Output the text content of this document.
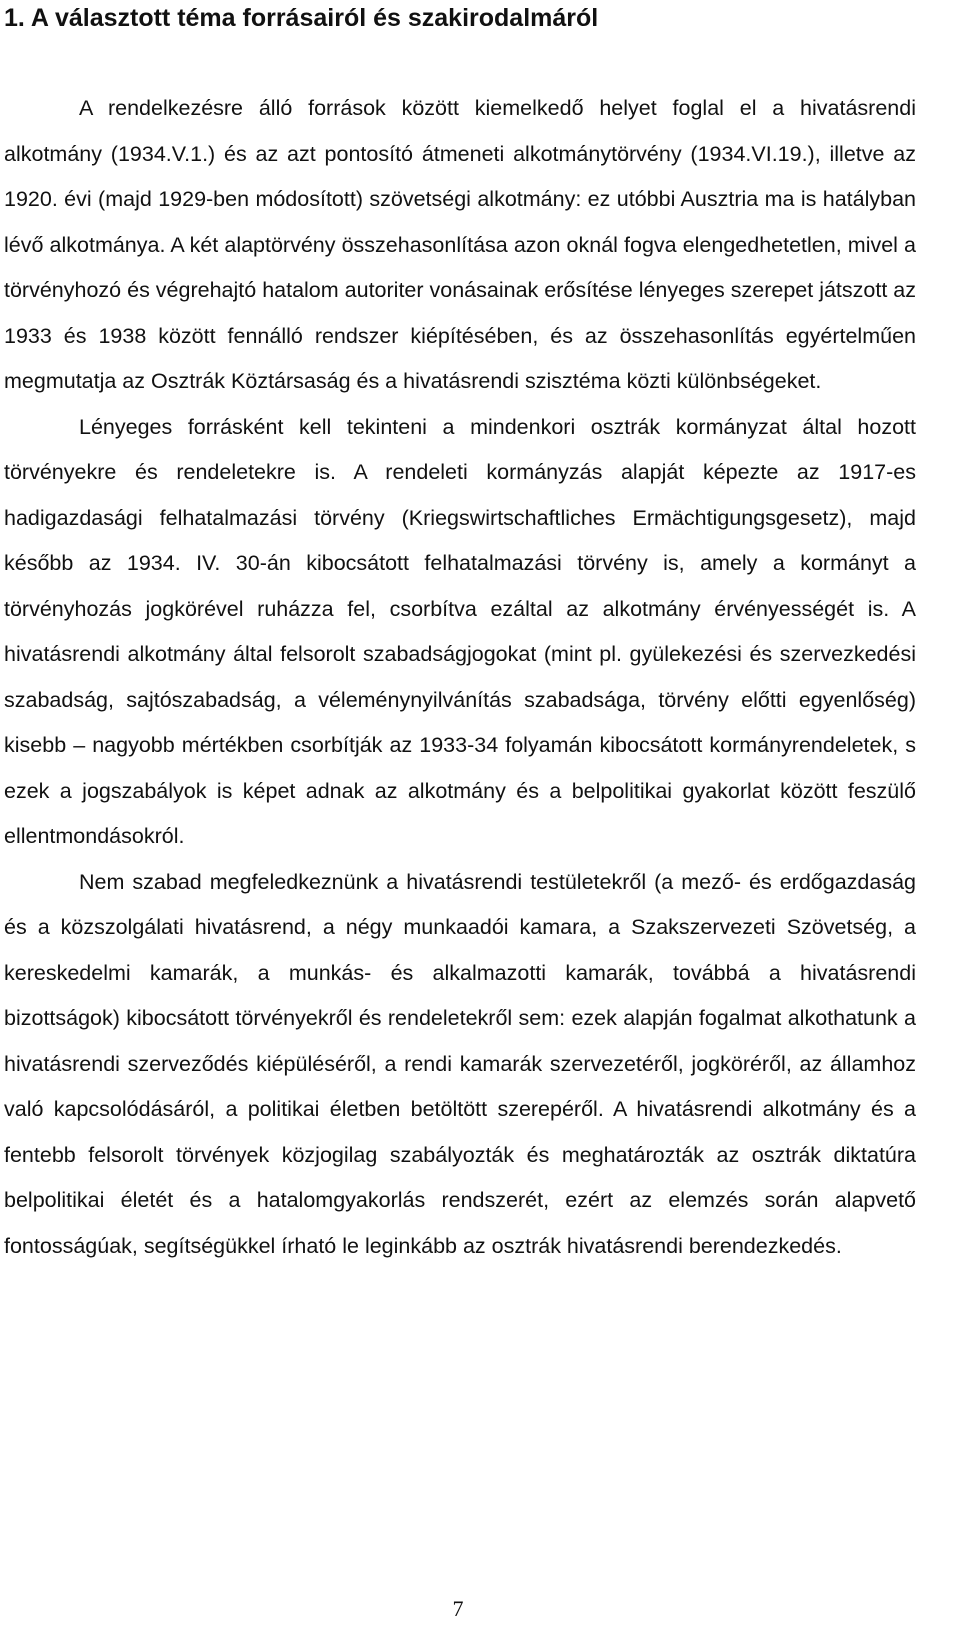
1. A választott téma forrásairól és szakirodalmáról

A rendelkezésre álló források között kiemelkedő helyet foglal el a hivatásrendi alkotmány (1934.V.1.) és az azt pontosító átmeneti alkotmánytörvény (1934.VI.19.), illetve az 1920. évi (majd 1929-ben módosított) szövetségi alkotmány: ez utóbbi Ausztria ma is hatályban lévő alkotmánya. A két alaptörvény összehasonlítása azon oknál fogva elengedhetetlen, mivel a törvényhozó és végrehajtó hatalom autoriter vonásainak erősítése lényeges szerepet játszott az 1933 és 1938 között fennálló rendszer kiépítésében, és az összehasonlítás egyértelműen megmutatja az Osztrák Köztársaság és a hivatásrendi szisztéma közti különbségeket.

Lényeges forrásként kell tekinteni a mindenkori osztrák kormányzat által hozott törvényekre és rendeletekre is. A rendeleti kormányzás alapját képezte az 1917-es hadigazdasági felhatalmazási törvény (Kriegswirtschaftliches Ermächtigungsgesetz), majd később az 1934. IV. 30-án kibocsátott felhatalmazási törvény is, amely a kormányt a törvényhozás jogkörével ruházza fel, csorbítva ezáltal az alkotmány érvényességét is. A hivatásrendi alkotmány által felsorolt szabadságjogokat (mint pl. gyülekezési és szervezkedési szabadság, sajtószabadság, a véleménynyilvánítás szabadsága, törvény előtti egyenlőség) kisebb – nagyobb mértékben csorbítják az 1933-34 folyamán kibocsátott kormányrendeletek, s ezek a jogszabályok is képet adnak az alkotmány és a belpolitikai gyakorlat között feszülő ellentmondásokról.

Nem szabad megfeledkeznünk a hivatásrendi testületekről (a mező- és erdőgazdaság és a közszolgálati hivatásrend, a négy munkaadói kamara, a Szakszervezeti Szövetség, a kereskedelmi kamarák, a munkás- és alkalmazotti kamarák, továbbá a hivatásrendi bizottságok) kibocsátott törvényekről és rendeletekről sem: ezek alapján fogalmat alkothatunk a hivatásrendi szerveződés kiépüléséről, a rendi kamarák szervezetéről, jogköréről, az államhoz való kapcsolódásáról, a politikai életben betöltött szerepéről. A hivatásrendi alkotmány és a fentebb felsorolt törvények közjogilag szabályozták és meghatározták az osztrák diktatúra belpolitikai életét és a hatalomgyakorlás rendszerét, ezért az elemzés során alapvető fontosságúak, segítségükkel írható le leginkább az osztrák hivatásrendi berendezkedés.

7
